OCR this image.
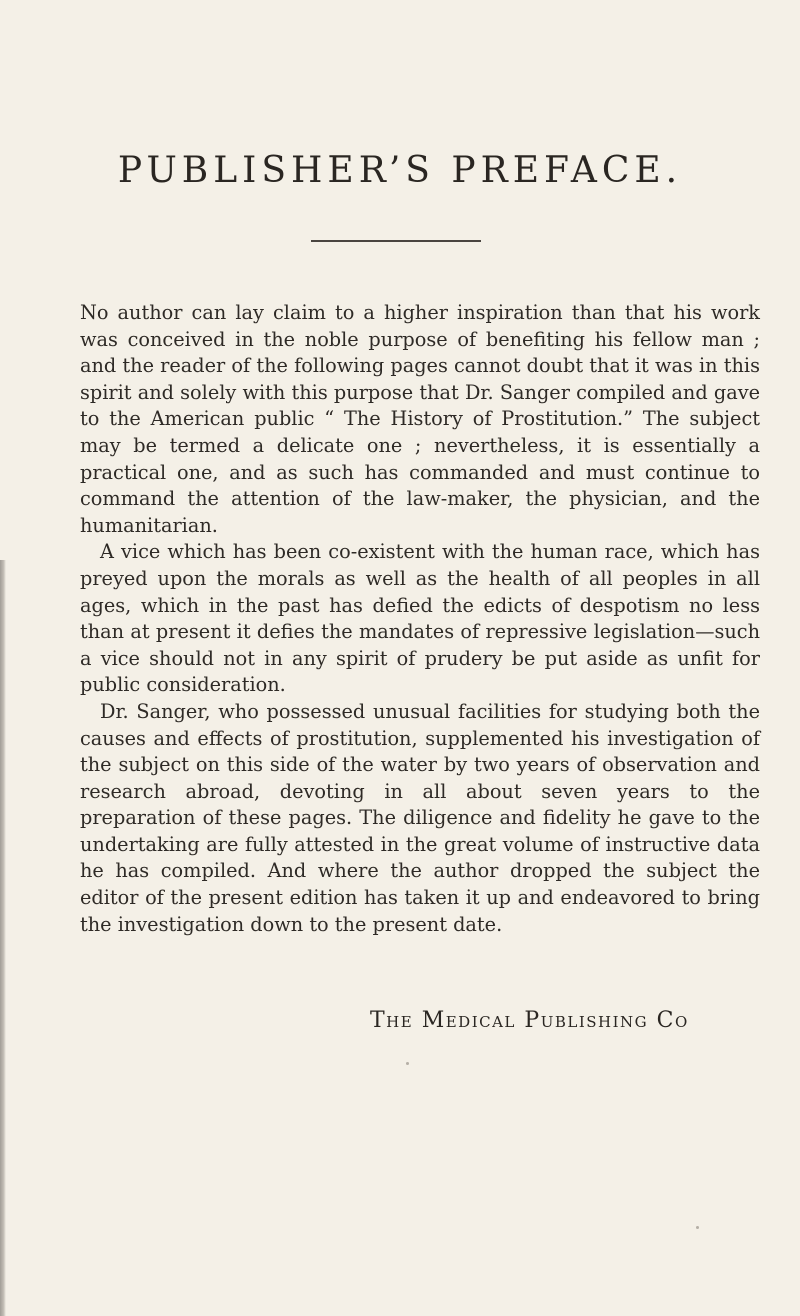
PUBLISHER’S PREFACE.

No author can lay claim to a higher inspiration than that his work was conceived in the noble purpose of benefiting his fellow man ; and the reader of the following pages cannot doubt that it was in this spirit and solely with this purpose that Dr. Sanger compiled and gave to the American public “ The History of Prostitution.” The subject may be termed a delicate one ; nevertheless, it is essentially a practical one, and as such has commanded and must continue to command the attention of the law-maker, the physician, and the humanitarian.

A vice which has been co-existent with the human race, which has preyed upon the morals as well as the health of all peoples in all ages, which in the past has defied the edicts of despotism no less than at present it defies the mandates of repressive legislation—such a vice should not in any spirit of prudery be put aside as unfit for public consideration.

Dr. Sanger, who possessed unusual facilities for studying both the causes and effects of prostitution, supplemented his investigation of the subject on this side of the water by two years of observation and research abroad, devoting in all about seven years to the preparation of these pages. The diligence and fidelity he gave to the undertaking are fully attested in the great volume of instructive data he has compiled. And where the author dropped the subject the editor of the present edition has taken it up and endeavored to bring the investigation down to the present date.

The Medical Publishing Co
